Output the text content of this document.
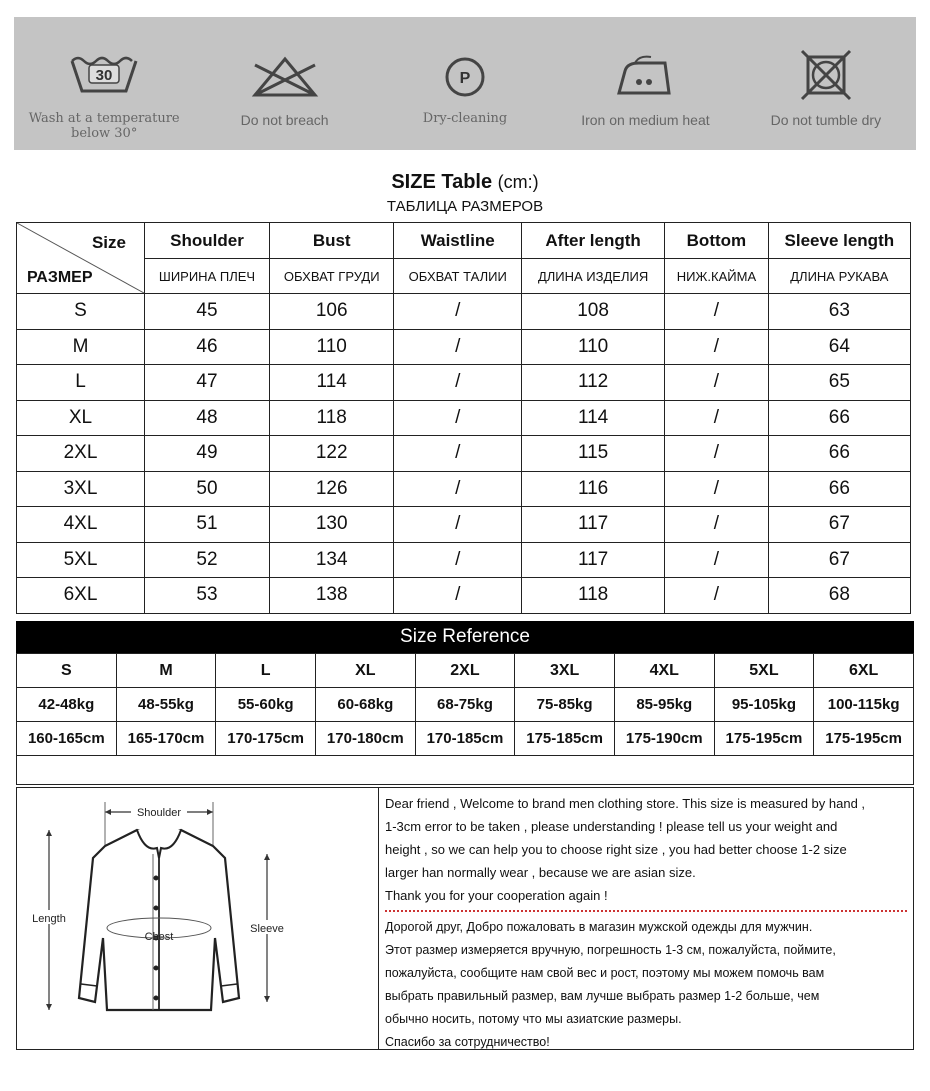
30
Wash at a temperature
below 30°
Do not breach
P
Dry-cleaning	Iron on medium heat	Do not tumble dry
SIZE Table (cm:)
ТАБЛИЦА РАЗМЕРОВ
Size
РАЗМЕР	Shoulder	Bust	Waistline	After length	Bottom	Sleeve length
	ШИРИНА ПЛЕЧ	ОБХВАТ ГРУДИ	ОБХВАТ ТАЛИИ	ДЛИНА ИЗДЕЛИЯ	НИЖ.КАЙМА	ДЛИНА РУКАВА
S	45	106	/	108	/	63
M	46	110	/	110	/	64
L	47	114	/	112	/	65
XL	48	118	/	114	/	66
2XL	49	122	/	115	/	66
3XL	50	126	/	116	/	66
4XL	51	130	/	117	/	67
5XL	52	134	/	117	/	67
6XL	53	138	/	118	/	68
Size Reference
S	M	L	XL	2XL	3XL	4XL	5XL	6XL
42-48kg	48-55kg	55-60kg	60-68kg	68-75kg	75-85kg	85-95kg	95-105kg	100-115kg
160-165cm	165-170cm	170-175cm	170-180cm	170-185cm	175-185cm	175-190cm	175-195cm	175-195cm
Shoulder
Chest
Length
Sleeve
Dear friend , Welcome to brand men clothing store. This size is measured by hand ,
1-3cm error to be taken , please understanding ! please tell us your weight and
height , so we can help you to choose right size , you had better choose 1-2 size
larger han normally wear , because we are asian size.
Thank you for your cooperation again !
Дорогой друг, Добро пожаловать в магазин мужской одежды для мужчин.
Этот размер измеряется вручную, погрешность 1-3 см, пожалуйста, поймите,
пожалуйста, сообщите нам свой вес и рост, поэтому мы можем помочь вам
выбрать правильный размер, вам лучше выбрать размер 1-2 больше, чем
обычно носить, потому что мы азиатские размеры.
Спасибо за сотрудничество!
